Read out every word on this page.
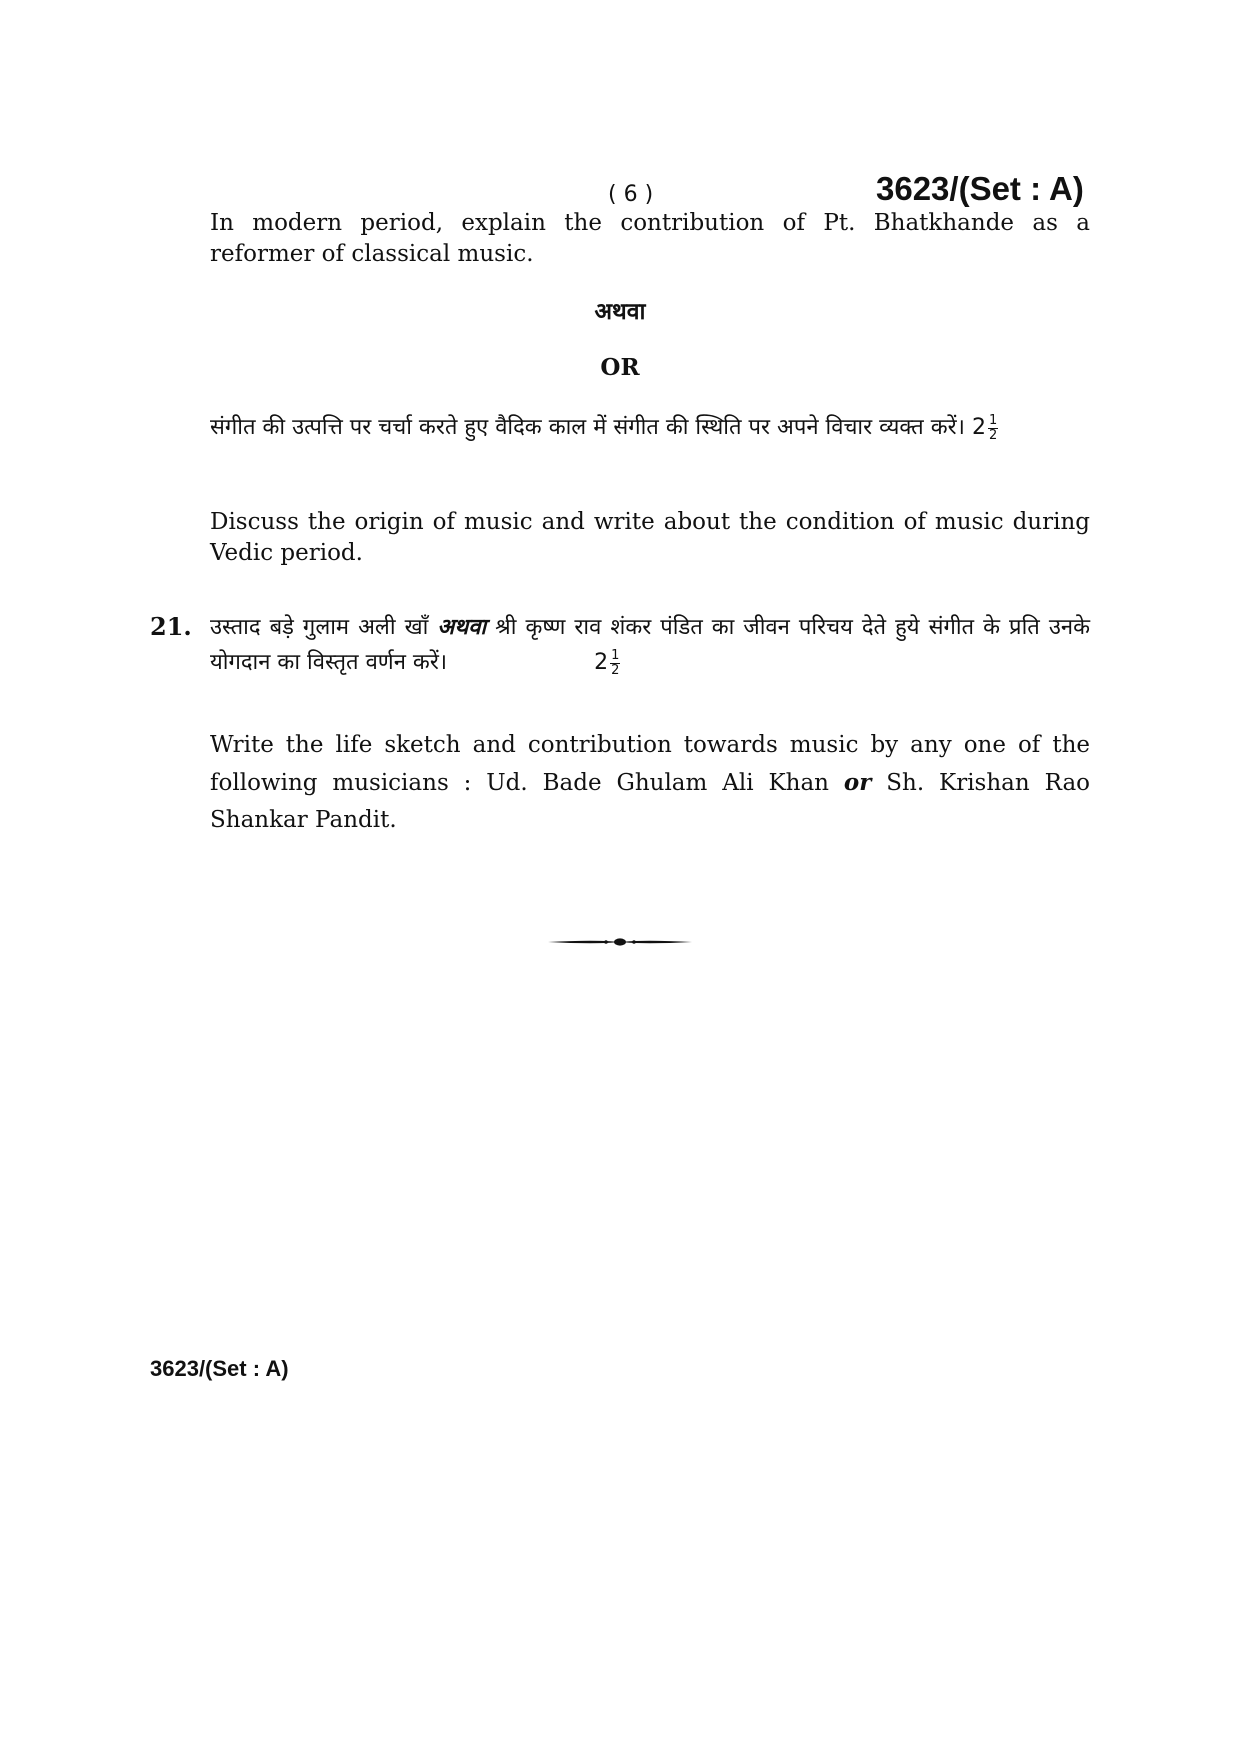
( 6 )	3623/(Set : A)
In modern period, explain the contribution of Pt. Bhatkhande as a reformer of classical music.
अथवा
OR
संगीत की उत्पत्ति पर चर्चा करते हुए वैदिक काल में संगीत की स्थिति पर अपने विचार व्यक्त करें। $2 \frac{1}{2}$
Discuss the origin of music and write about the condition of music during Vedic period.
21. उस्ताद बड़े गुलाम अली खाँ अथवा श्री कृष्ण राव शंकर पंडित का जीवन परिचय देते हुये संगीत के प्रति उनके योगदान का विस्तृत वर्णन करें।	$2 \frac{1}{2}$
Write the life sketch and contribution towards music by any one of the following musicians : Ud. Bade Ghulam Ali Khan or Sh. Krishan Rao Shankar Pandit.
3623/(Set : A)
